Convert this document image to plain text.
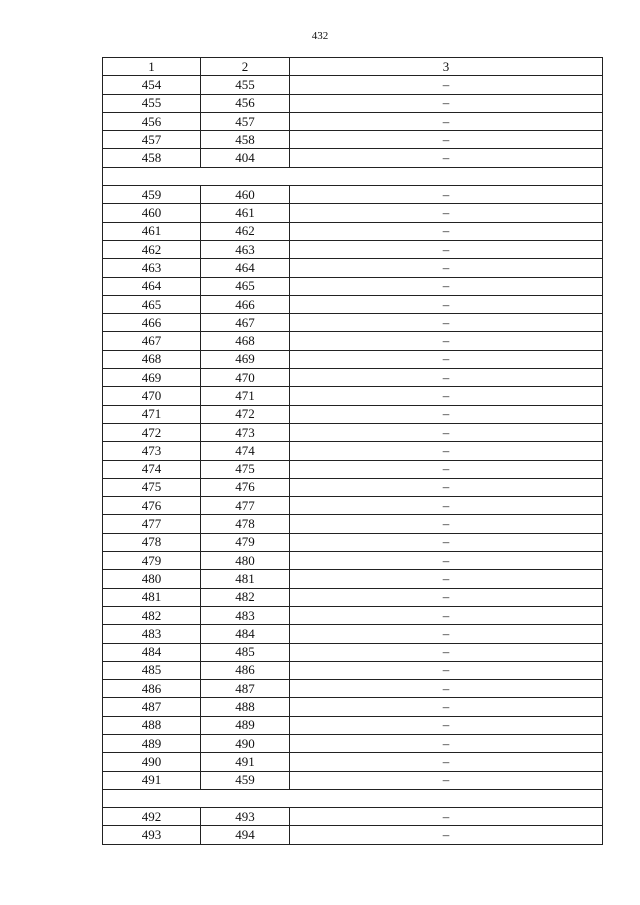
432
1	2	3
454	455	–
455	456	–
456	457	–
457	458	–
458	404	–

459	460	–
460	461	–
461	462	–
462	463	–
463	464	–
464	465	–
465	466	–
466	467	–
467	468	–
468	469	–
469	470	–
470	471	–
471	472	–
472	473	–
473	474	–
474	475	–
475	476	–
476	477	–
477	478	–
478	479	–
479	480	–
480	481	–
481	482	–
482	483	–
483	484	–
484	485	–
485	486	–
486	487	–
487	488	–
488	489	–
489	490	–
490	491	–
491	459	–

492	493	–
493	494	–
